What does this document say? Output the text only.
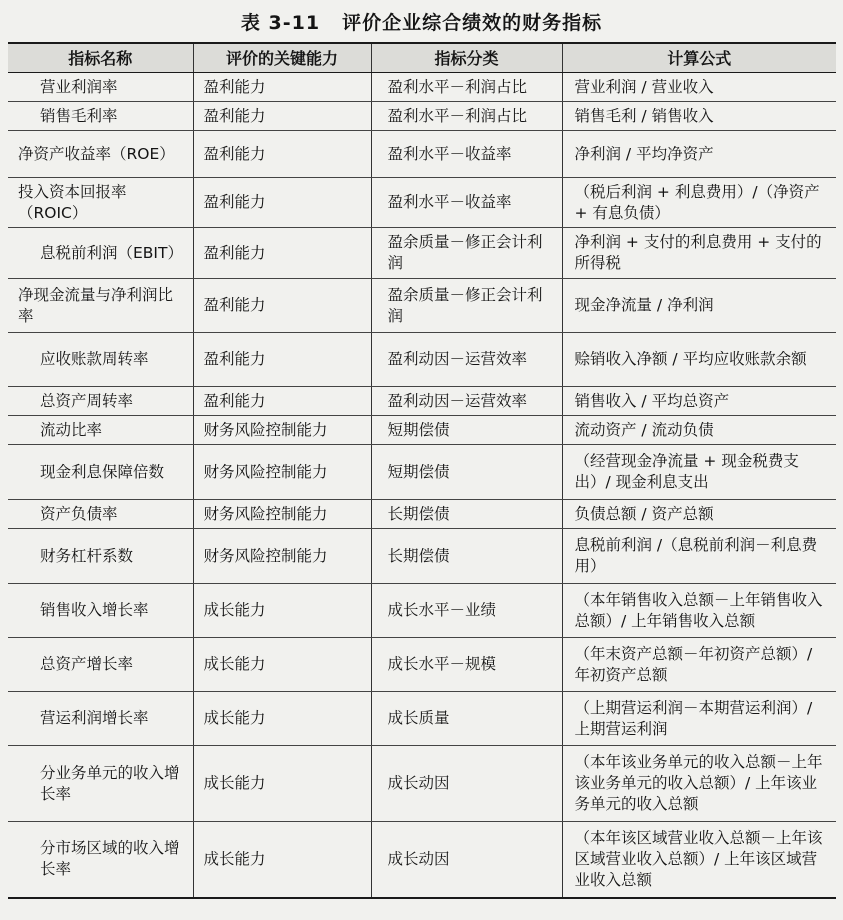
表 3-11 评价企业综合绩效的财务指标
指标名称	评价的关键能力	指标分类	计算公式
营业利润率	盈利能力	盈利水平－利润占比	营业利润 / 营业收入
销售毛利率	盈利能力	盈利水平－利润占比	销售毛利 / 销售收入
净资产收益率（ROE）	盈利能力	盈利水平－收益率	净利润 / 平均净资产
投入资本回报率（ROIC）	盈利能力	盈利水平－收益率	（税后利润 + 利息费用）/（净资产 + 有息负债）
息税前利润（EBIT）	盈利能力	盈余质量－修正会计利润	净利润 + 支付的利息费用 + 支付的所得税
净现金流量与净利润比率	盈利能力	盈余质量－修正会计利润	现金净流量 / 净利润
应收账款周转率	盈利能力	盈利动因－运营效率	赊销收入净额 / 平均应收账款余额
总资产周转率	盈利能力	盈利动因－运营效率	销售收入 / 平均总资产
流动比率	财务风险控制能力	短期偿债	流动资产 / 流动负债
现金利息保障倍数	财务风险控制能力	短期偿债	（经营现金净流量 + 现金税费支出）/ 现金利息支出
资产负债率	财务风险控制能力	长期偿债	负债总额 / 资产总额
财务杠杆系数	财务风险控制能力	长期偿债	息税前利润 /（息税前利润－利息费用）
销售收入增长率	成长能力	成长水平－业绩	（本年销售收入总额－上年销售收入总额）/ 上年销售收入总额
总资产增长率	成长能力	成长水平－规模	（年末资产总额－年初资产总额）/ 年初资产总额
营运利润增长率	成长能力	成长质量	（上期营运利润－本期营运利润）/ 上期营运利润
分业务单元的收入增长率	成长能力	成长动因	（本年该业务单元的收入总额－上年该业务单元的收入总额）/ 上年该业务单元的收入总额
分市场区域的收入增长率	成长能力	成长动因	（本年该区域营业收入总额－上年该区域营业收入总额）/ 上年该区域营业收入总额
